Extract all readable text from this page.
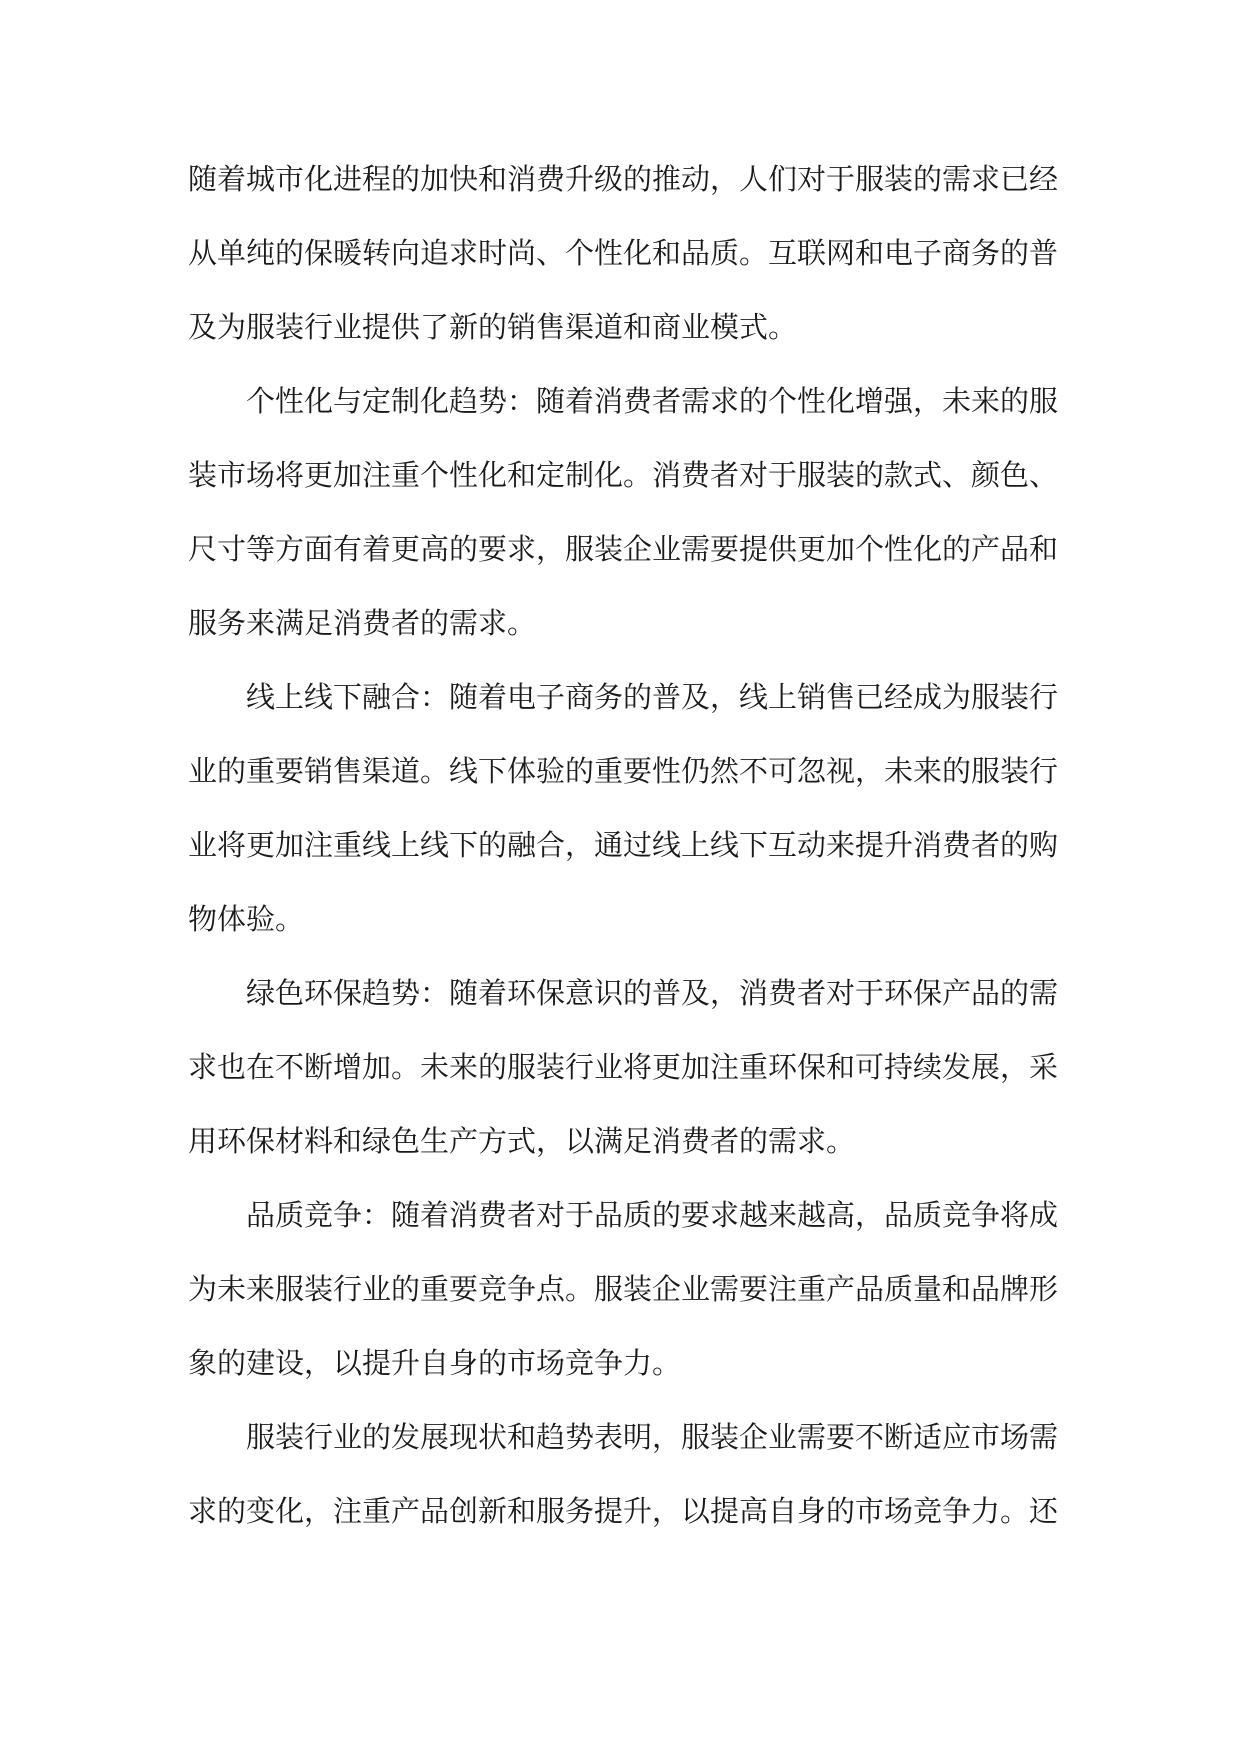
随着城市化进程的加快和消费升级的推动，人们对于服装的需求已经
从单纯的保暖转向追求时尚、个性化和品质。互联网和电子商务的普
及为服装行业提供了新的销售渠道和商业模式。
个性化与定制化趋势：随着消费者需求的个性化增强，未来的服
装市场将更加注重个性化和定制化。消费者对于服装的款式、颜色、
尺寸等方面有着更高的要求，服装企业需要提供更加个性化的产品和
服务来满足消费者的需求。
线上线下融合：随着电子商务的普及，线上销售已经成为服装行
业的重要销售渠道。线下体验的重要性仍然不可忽视，未来的服装行
业将更加注重线上线下的融合，通过线上线下互动来提升消费者的购
物体验。
绿色环保趋势：随着环保意识的普及，消费者对于环保产品的需
求也在不断增加。未来的服装行业将更加注重环保和可持续发展，采
用环保材料和绿色生产方式，以满足消费者的需求。
品质竞争：随着消费者对于品质的要求越来越高，品质竞争将成
为未来服装行业的重要竞争点。服装企业需要注重产品质量和品牌形
象的建设，以提升自身的市场竞争力。
服装行业的发展现状和趋势表明，服装企业需要不断适应市场需
求的变化，注重产品创新和服务提升，以提高自身的市场竞争力。还
